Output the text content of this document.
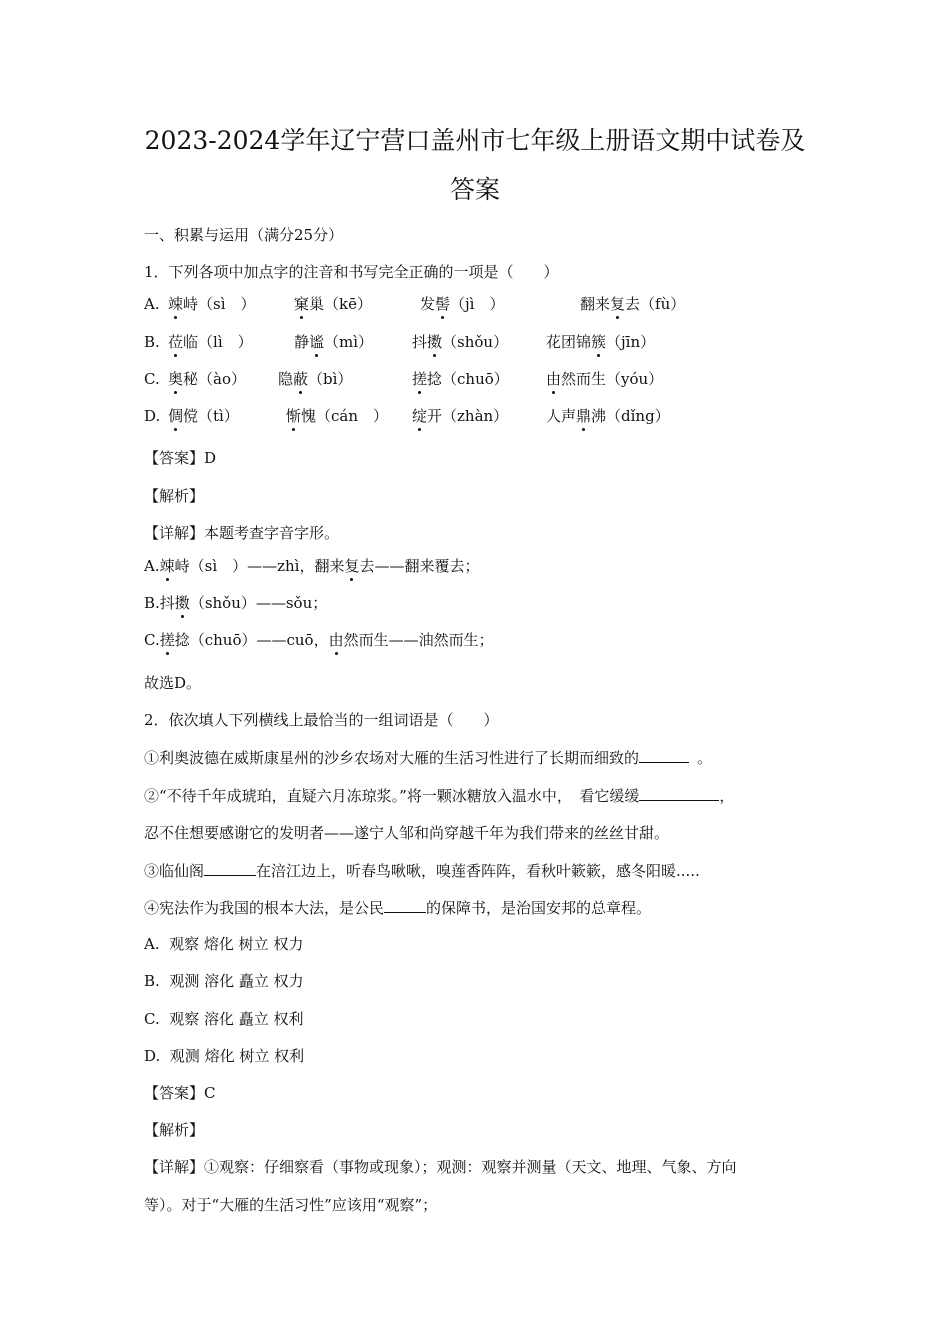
2023-2024学年辽宁营口盖州市七年级上册语文期中试卷及
答案
一、积累与运用（满分25分）
1．下列各项中加点字的注音和书写完全正确的一项是（　　）
A. 竦峙（sì　）	窠巢（kē）	发髻（jì　）	翻来复去（fù）
B. 莅临（lì　）	静谧（mì）	抖擞（shǒu）	花团锦簇（jīn）
C. 奥秘（ào） 隐蔽（bì）	搓捻（chuō） 由然而生（yóu）
D. 倜傥（tì）	惭愧（cán　） 绽开（zhàn）	人声鼎沸（dǐng）
【答案】D
【解析】
【详解】本题考查字音字形。
A.竦峙（sì　）——zhì，翻来复去——翻来覆去；
B.抖擞（shǒu）——sǒu；
C.搓捻（chuō）——cuō，由然而生——油然而生；
故选D。
2．依次填人下列横线上最恰当的一组词语是（　　）
①利奥波德在威斯康星州的沙乡农场对大雁的生活习性进行了长期而细致的	。
②“不待千年成琥珀，直疑六月冻琼浆。”将一颗冰糖放入温水中，　看它缓缓	，
忍不住想要感谢它的发明者——遂宁人邹和尚穿越千年为我们带来的丝丝甘甜。
③临仙阁	在涪江边上，听春鸟啾啾，嗅莲香阵阵，看秋叶簌簌，感冬阳暖.....
④宪法作为我国的根本大法，是公民	的保障书，是治国安邦的总章程。
A.  观察 熔化 树立 权力
B.  观测 溶化 矗立 权力
C.  观察 溶化 矗立 权利
D.  观测 熔化 树立 权利
【答案】C
【解析】
【详解】①观察：仔细察看（事物或现象）；观测：观察并测量（天文、地理、气象、方向
等）。对于“大雁的生活习性”应该用“观察”；
